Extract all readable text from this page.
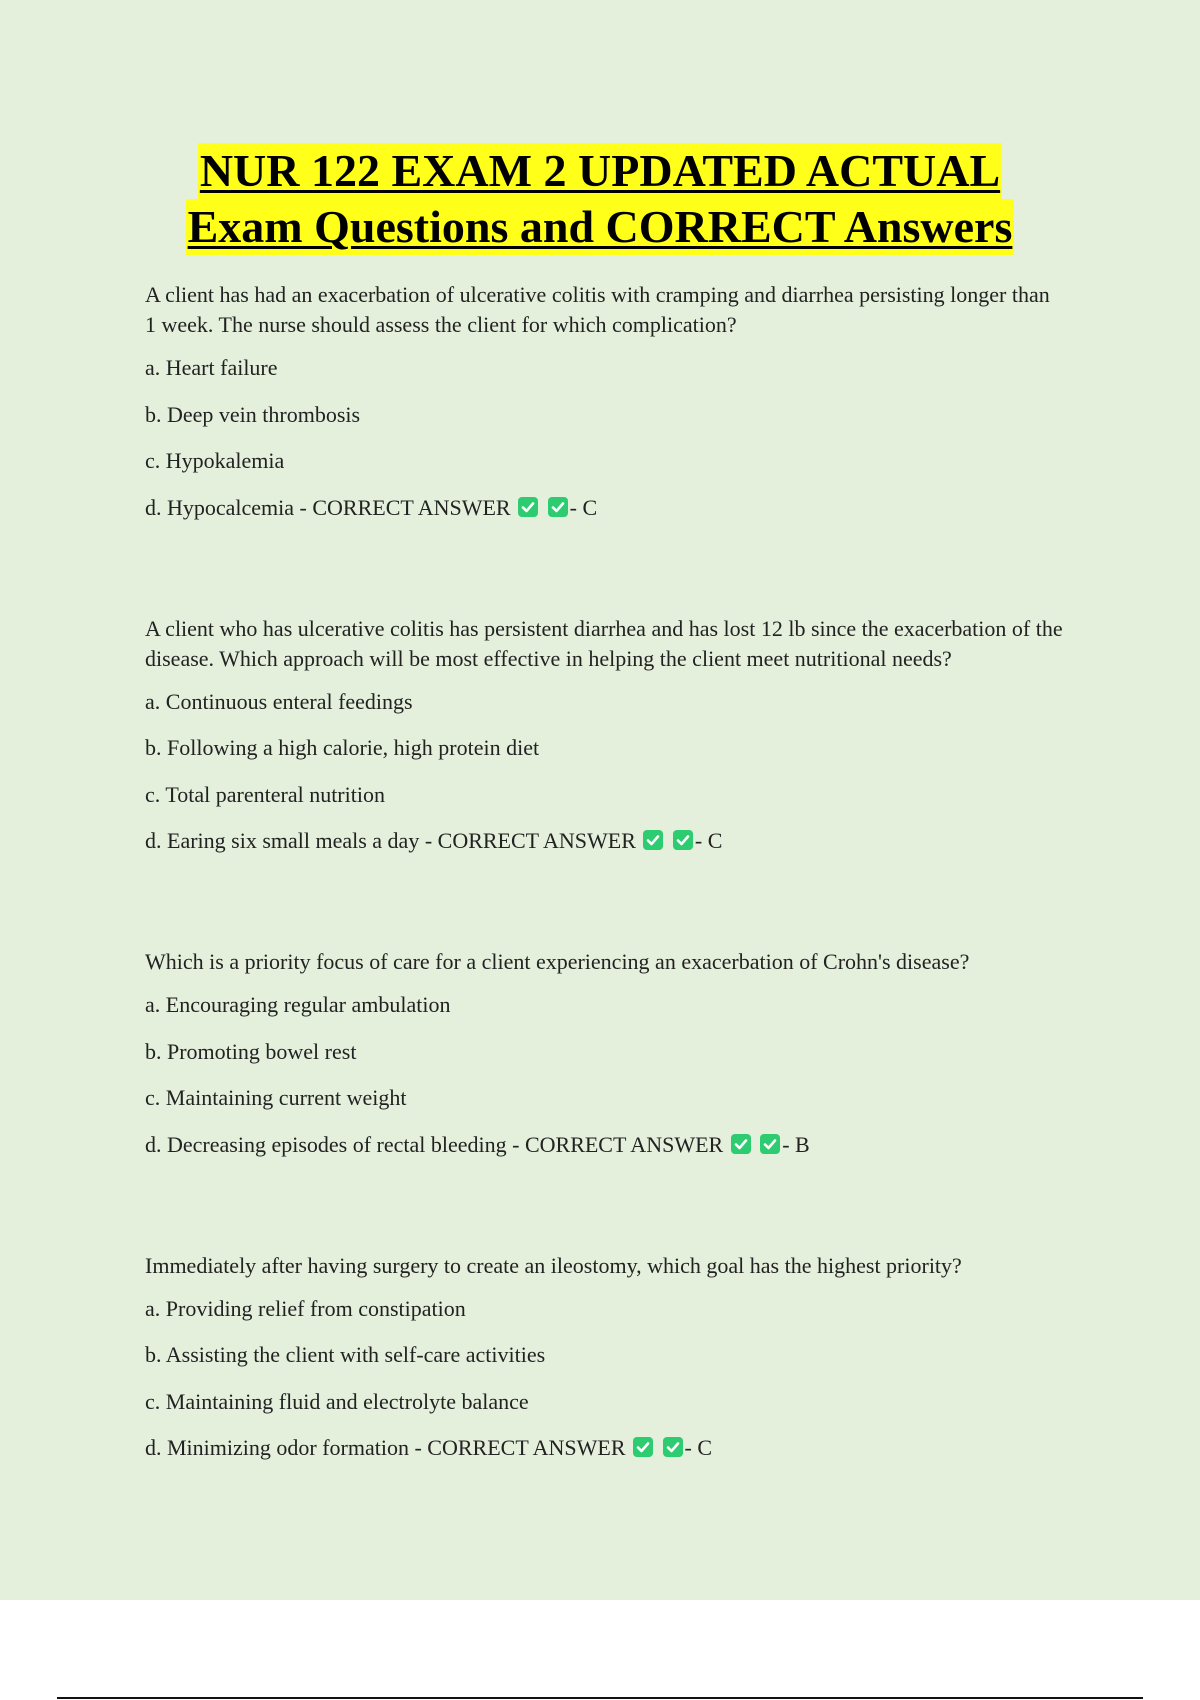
NUR 122 EXAM 2 UPDATED ACTUAL
Exam Questions and CORRECT Answers
A client has had an exacerbation of ulcerative colitis with cramping and diarrhea persisting longer than 1 week. The nurse should assess the client for which complication?
a. Heart failure
b. Deep vein thrombosis
c. Hypokalemia
d. Hypocalcemia - CORRECT ANSWER	- C
A client who has ulcerative colitis has persistent diarrhea and has lost 12 lb since the exacerbation of the disease. Which approach will be most effective in helping the client meet nutritional needs?
a. Continuous enteral feedings
b. Following a high calorie, high protein diet
c. Total parenteral nutrition
d. Earing six small meals a day - CORRECT ANSWER	- C
Which is a priority focus of care for a client experiencing an exacerbation of Crohn's disease?
a. Encouraging regular ambulation
b. Promoting bowel rest
c. Maintaining current weight
d. Decreasing episodes of rectal bleeding - CORRECT ANSWER	- B
Immediately after having surgery to create an ileostomy, which goal has the highest priority?
a. Providing relief from constipation
b. Assisting the client with self-care activities
c. Maintaining fluid and electrolyte balance
d. Minimizing odor formation - CORRECT ANSWER	- C
